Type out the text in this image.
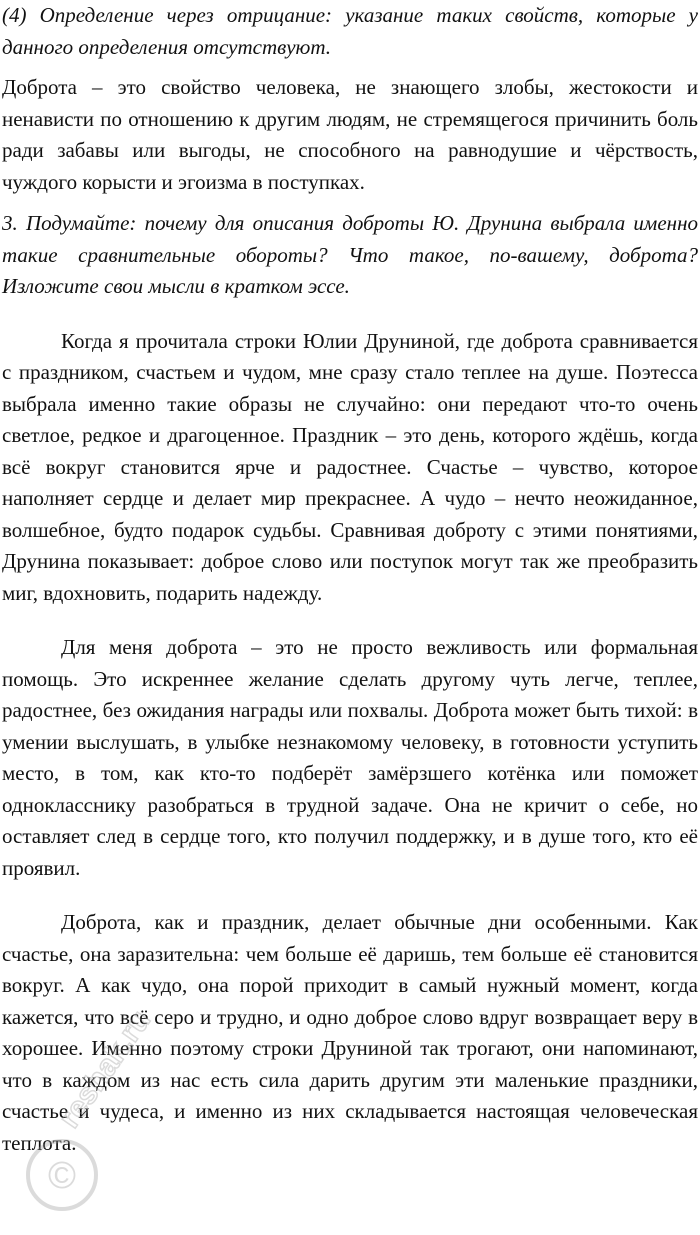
(4) Определение через отрицание: указание таких свойств, которые у данного определения отсутствуют.

Доброта – это свойство человека, не знающего злобы, жестокости и ненависти по отношению к другим людям, не стремящегося причинить боль ради забавы или выгоды, не способного на равнодушие и чёрствость, чуждого корысти и эгоизма в поступках.

3. Подумайте: почему для описания доброты Ю. Друнина выбрала именно такие сравнительные обороты? Что такое, по-вашему, доброта? Изложите свои мысли в кратком эссе.

Когда я прочитала строки Юлии Друниной, где доброта сравнивается с праздником, счастьем и чудом, мне сразу стало теплее на душе. Поэтесса выбрала именно такие образы не случайно: они передают что-то очень светлое, редкое и драгоценное. Праздник – это день, которого ждёшь, когда всё вокруг становится ярче и радостнее. Счастье – чувство, которое наполняет сердце и делает мир прекраснее. А чудо – нечто неожиданное, волшебное, будто подарок судьбы. Сравнивая доброту с этими понятиями, Друнина показывает: доброе слово или поступок могут так же преобразить миг, вдохновить, подарить надежду.

Для меня доброта – это не просто вежливость или формальная помощь. Это искреннее желание сделать другому чуть легче, теплее, радостнее, без ожидания награды или похвалы. Доброта может быть тихой: в умении выслушать, в улыбке незнакомому человеку, в готовности уступить место, в том, как кто-то подберёт замёрзшего котёнка или поможет однокласснику разобраться в трудной задаче. Она не кричит о себе, но оставляет след в сердце того, кто получил поддержку, и в душе того, кто её проявил.

Доброта, как и праздник, делает обычные дни особенными. Как счастье, она заразительна: чем больше её даришь, тем больше её становится вокруг. А как чудо, она порой приходит в самый нужный момент, когда кажется, что всё серо и трудно, и одно доброе слово вдруг возвращает веру в хорошее. Именно поэтому строки Друниной так трогают, они напоминают, что в каждом из нас есть сила дарить другим эти маленькие праздники, счастье и чудеса, и именно из них складывается настоящая человеческая теплота.

©
reshak.ru
